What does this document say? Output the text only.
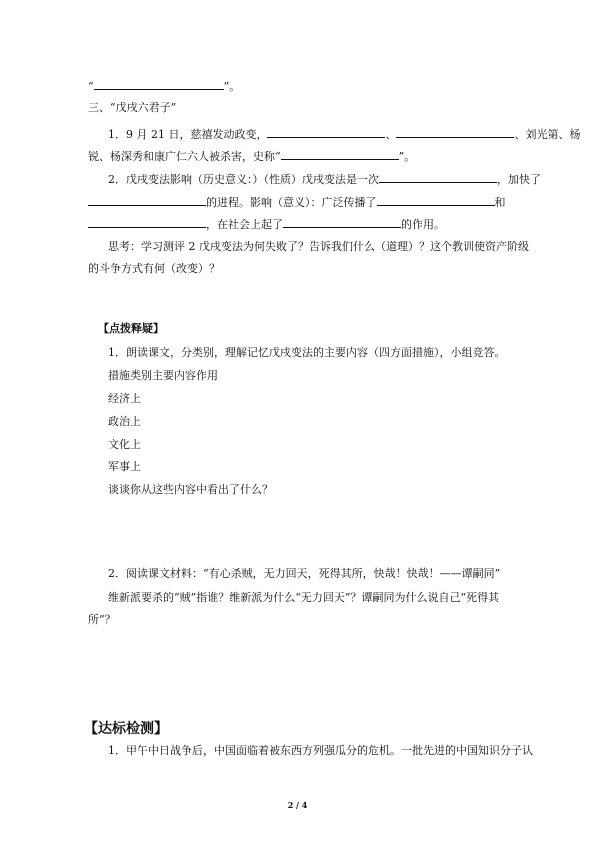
“	”。
三、“戊戌六君子”
1．9 月 21 日，慈禧发动政变，	、	、刘光第、杨
锐、杨深秀和康广仁六人被杀害，史称“	”。
2．戊戌变法影响（历史意义：）（性质）戊戌变法是一次	，加快了
的进程。影响（意义）：广泛传播了	和
，在社会上起了	的作用。
思考：学习测评 2 戊戌变法为何失败了？告诉我们什么（道理）？这个教训使资产阶级
的斗争方式有何（改变）？
【点拨释疑】
1．朗读课文，分类别，理解记忆戊戌变法的主要内容（四方面措施），小组竞答。
措施类别主要内容作用
经济上
政治上
文化上
军事上
谈谈你从这些内容中看出了什么？
2．阅读课文材料：“有心杀贼，无力回天，死得其所，快哉！快哉！——谭嗣同”
维新派要杀的“贼”指谁？维新派为什么“无力回天”？谭嗣同为什么说自己“死得其
所”？
【达标检测】
1．甲午中日战争后，中国面临着被东西方列强瓜分的危机。一批先进的中国知识分子认
2 / 4
